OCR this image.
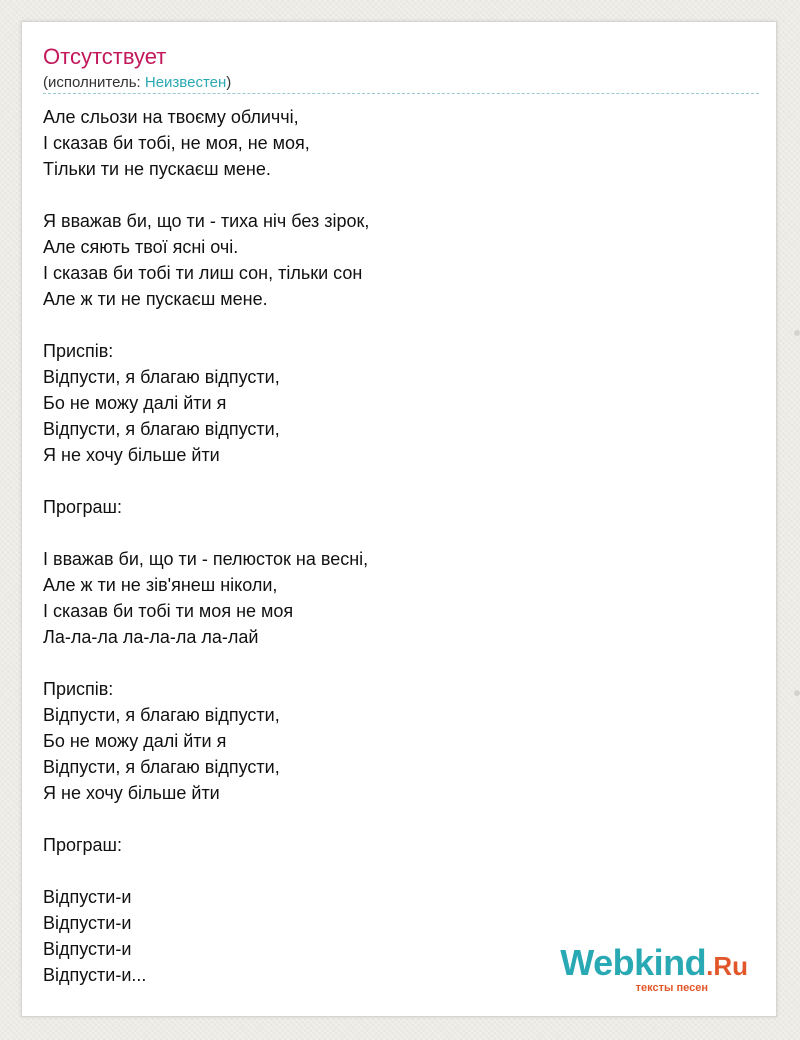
Отсутствует
(исполнитель: Неизвестен)
Але сльози на твоєму обличчі,
І сказав би тобі, не моя, не моя,
Тільки ти не пускаєш мене.
Я вважав би, що ти - тиха ніч без зірок,
Але сяють твої ясні очі.
І сказав би тобі ти лиш сон, тільки сон
Але ж ти не пускаєш мене.
Приспів:
Відпусти, я благаю відпусти,
Бо не можу далі йти я
Відпусти, я благаю відпусти,
Я не хочу більше йти
Програш:
І вважав би, що ти - пелюсток на весні,
Але ж ти не зів'янеш ніколи,
І сказав би тобі ти моя не моя
Ла-ла-ла ла-ла-ла ла-лай
Приспів:
Відпусти, я благаю відпусти,
Бо не можу далі йти я
Відпусти, я благаю відпусти,
Я не хочу більше йти
Програш:
Відпусти-и
Відпусти-и
Відпусти-и
Відпусти-и...	Webkind.Ru
тексты песен
